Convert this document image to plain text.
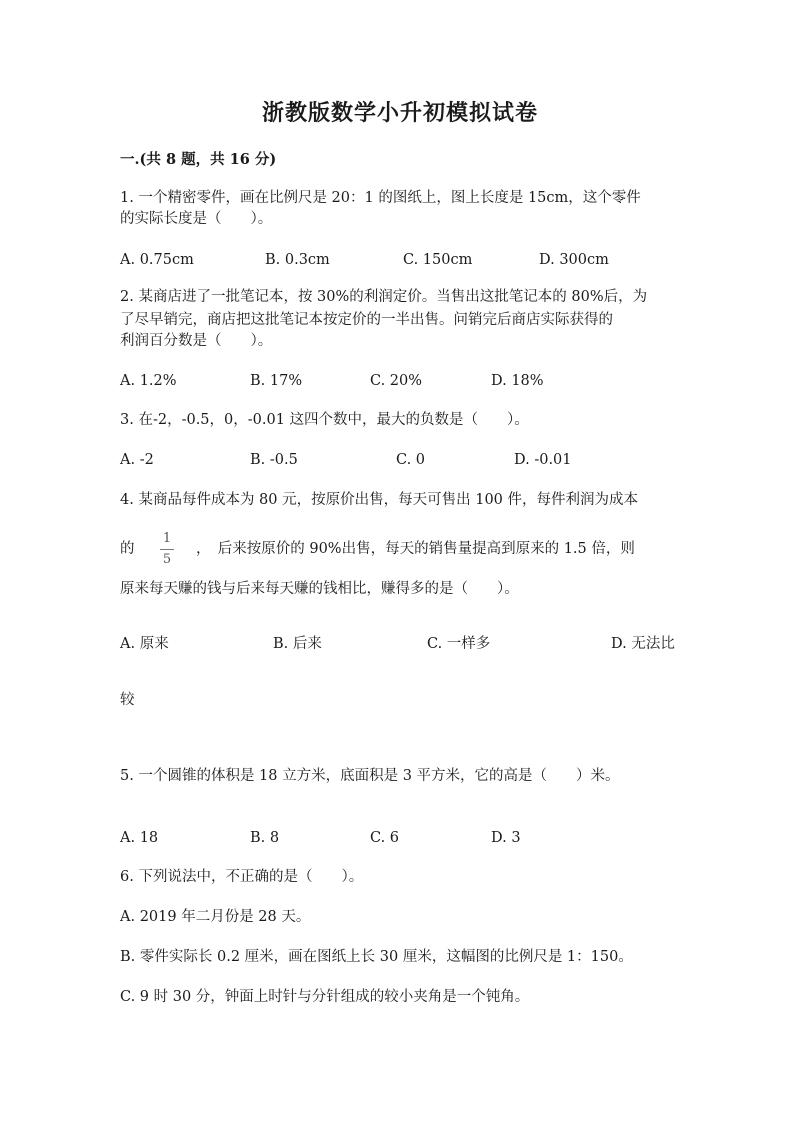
浙教版数学小升初模拟试卷
一.(共 8 题，共 16 分)
1. 一个精密零件，画在比例尺是 20：1 的图纸上，图上长度是 15cm，这个零件
的实际长度是（　　）。
A. 0.75cm	B. 0.3cm	C. 150cm	D. 300cm
2. 某商店进了一批笔记本，按 30%的利润定价。当售出这批笔记本的 80%后，为
了尽早销完，商店把这批笔记本按定价的一半出售。问销完后商店实际获得的
利润百分数是（　　）。
A. 1.2%	B. 17%	C. 20%	D. 18%
3. 在-2，-0.5，0，-0.01 这四个数中，最大的负数是（　　）。
A. -2	B. -0.5	C. 0	D. -0.01
4. 某商品每件成本为 80 元，按原价出售，每天可售出 100 件，每件利润为成本
的
1
5
，　后来按原价的 90%出售，每天的销售量提高到原来的 1.5 倍，则
原来每天赚的钱与后来每天赚的钱相比，赚得多的是（　　）。
A. 原来	B. 后来	C. 一样多	D. 无法比
较
5. 一个圆锥的体积是 18 立方米，底面积是 3 平方米，它的高是（　　）米。
A. 18	B. 8	C. 6	D. 3
6. 下列说法中，不正确的是（　　）。
A. 2019 年二月份是 28 天。
B. 零件实际长 0.2 厘米，画在图纸上长 30 厘米，这幅图的比例尺是 1：150。
C. 9 时 30 分，钟面上时针与分针组成的较小夹角是一个钝角。
